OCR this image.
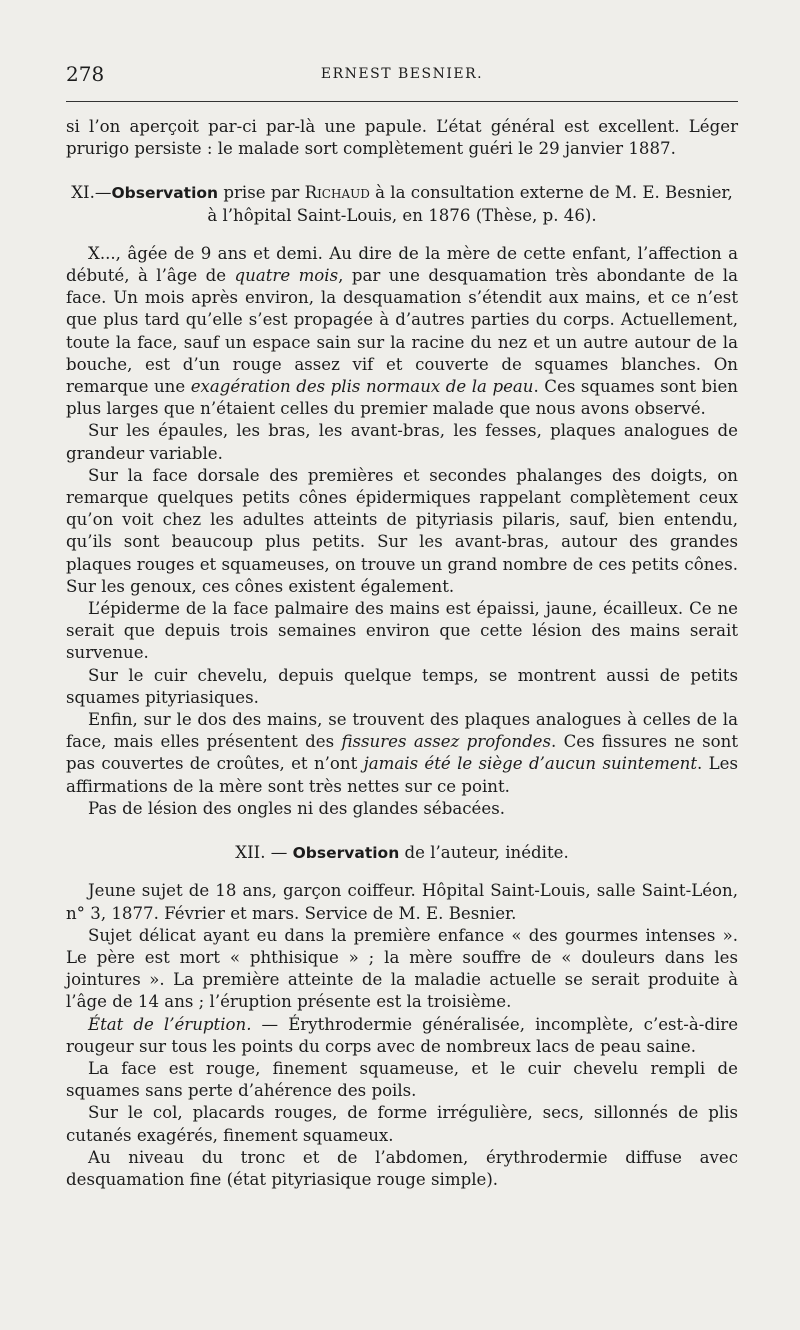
278	ERNEST BESNIER.

si l’on aperçoit par-ci par-là une papule. L’état général est excellent. Léger prurigo persiste : le malade sort complètement guéri le 29 janvier 1887.

XI.—Observation prise par Richaud à la consultation externe de M. E. Besnier,
à l’hôpital Saint-Louis, en 1876 (Thèse, p. 46).

X..., âgée de 9 ans et demi. Au dire de la mère de cette enfant, l’affection a débuté, à l’âge de quatre mois, par une desquamation très abondante de la face. Un mois après environ, la desquamation s’étendit aux mains, et ce n’est que plus tard qu’elle s’est propagée à d’autres parties du corps. Actuellement, toute la face, sauf un espace sain sur la racine du nez et un autre autour de la bouche, est d’un rouge assez vif et couverte de squames blanches. On remarque une exagération des plis normaux de la peau. Ces squames sont bien plus larges que n’étaient celles du premier malade que nous avons observé.

Sur les épaules, les bras, les avant-bras, les fesses, plaques analogues de grandeur variable.

Sur la face dorsale des premières et secondes phalanges des doigts, on remarque quelques petits cônes épidermiques rappelant complètement ceux qu’on voit chez les adultes atteints de pityriasis pilaris, sauf, bien entendu, qu’ils sont beaucoup plus petits. Sur les avant-bras, autour des grandes plaques rouges et squameuses, on trouve un grand nombre de ces petits cônes. Sur les genoux, ces cônes existent également.

L’épiderme de la face palmaire des mains est épaissi, jaune, écailleux. Ce ne serait que depuis trois semaines environ que cette lésion des mains serait survenue.

Sur le cuir chevelu, depuis quelque temps, se montrent aussi de petits squames pityriasiques.

Enfin, sur le dos des mains, se trouvent des plaques analogues à celles de la face, mais elles présentent des fissures assez profondes. Ces fissures ne sont pas couvertes de croûtes, et n’ont jamais été le siège d’aucun suintement. Les affirmations de la mère sont très nettes sur ce point.

Pas de lésion des ongles ni des glandes sébacées.

XII. — Observation de l’auteur, inédite.

Jeune sujet de 18 ans, garçon coiffeur. Hôpital Saint-Louis, salle Saint-Léon, n° 3, 1877. Février et mars. Service de M. E. Besnier.

Sujet délicat ayant eu dans la première enfance « des gourmes intenses ». Le père est mort « phthisique » ; la mère souffre de « douleurs dans les jointures ». La première atteinte de la maladie actuelle se serait produite à l’âge de 14 ans ; l’éruption présente est la troisième.

État de l’éruption. — Érythrodermie généralisée, incomplète, c’est-à-dire rougeur sur tous les points du corps avec de nombreux lacs de peau saine.

La face est rouge, finement squameuse, et le cuir chevelu rempli de squames sans perte d’ahérence des poils.

Sur le col, placards rouges, de forme irrégulière, secs, sillonnés de plis cutanés exagérés, finement squameux.

Au niveau du tronc et de l’abdomen, érythrodermie diffuse avec desquamation fine (état pityriasique rouge simple).
